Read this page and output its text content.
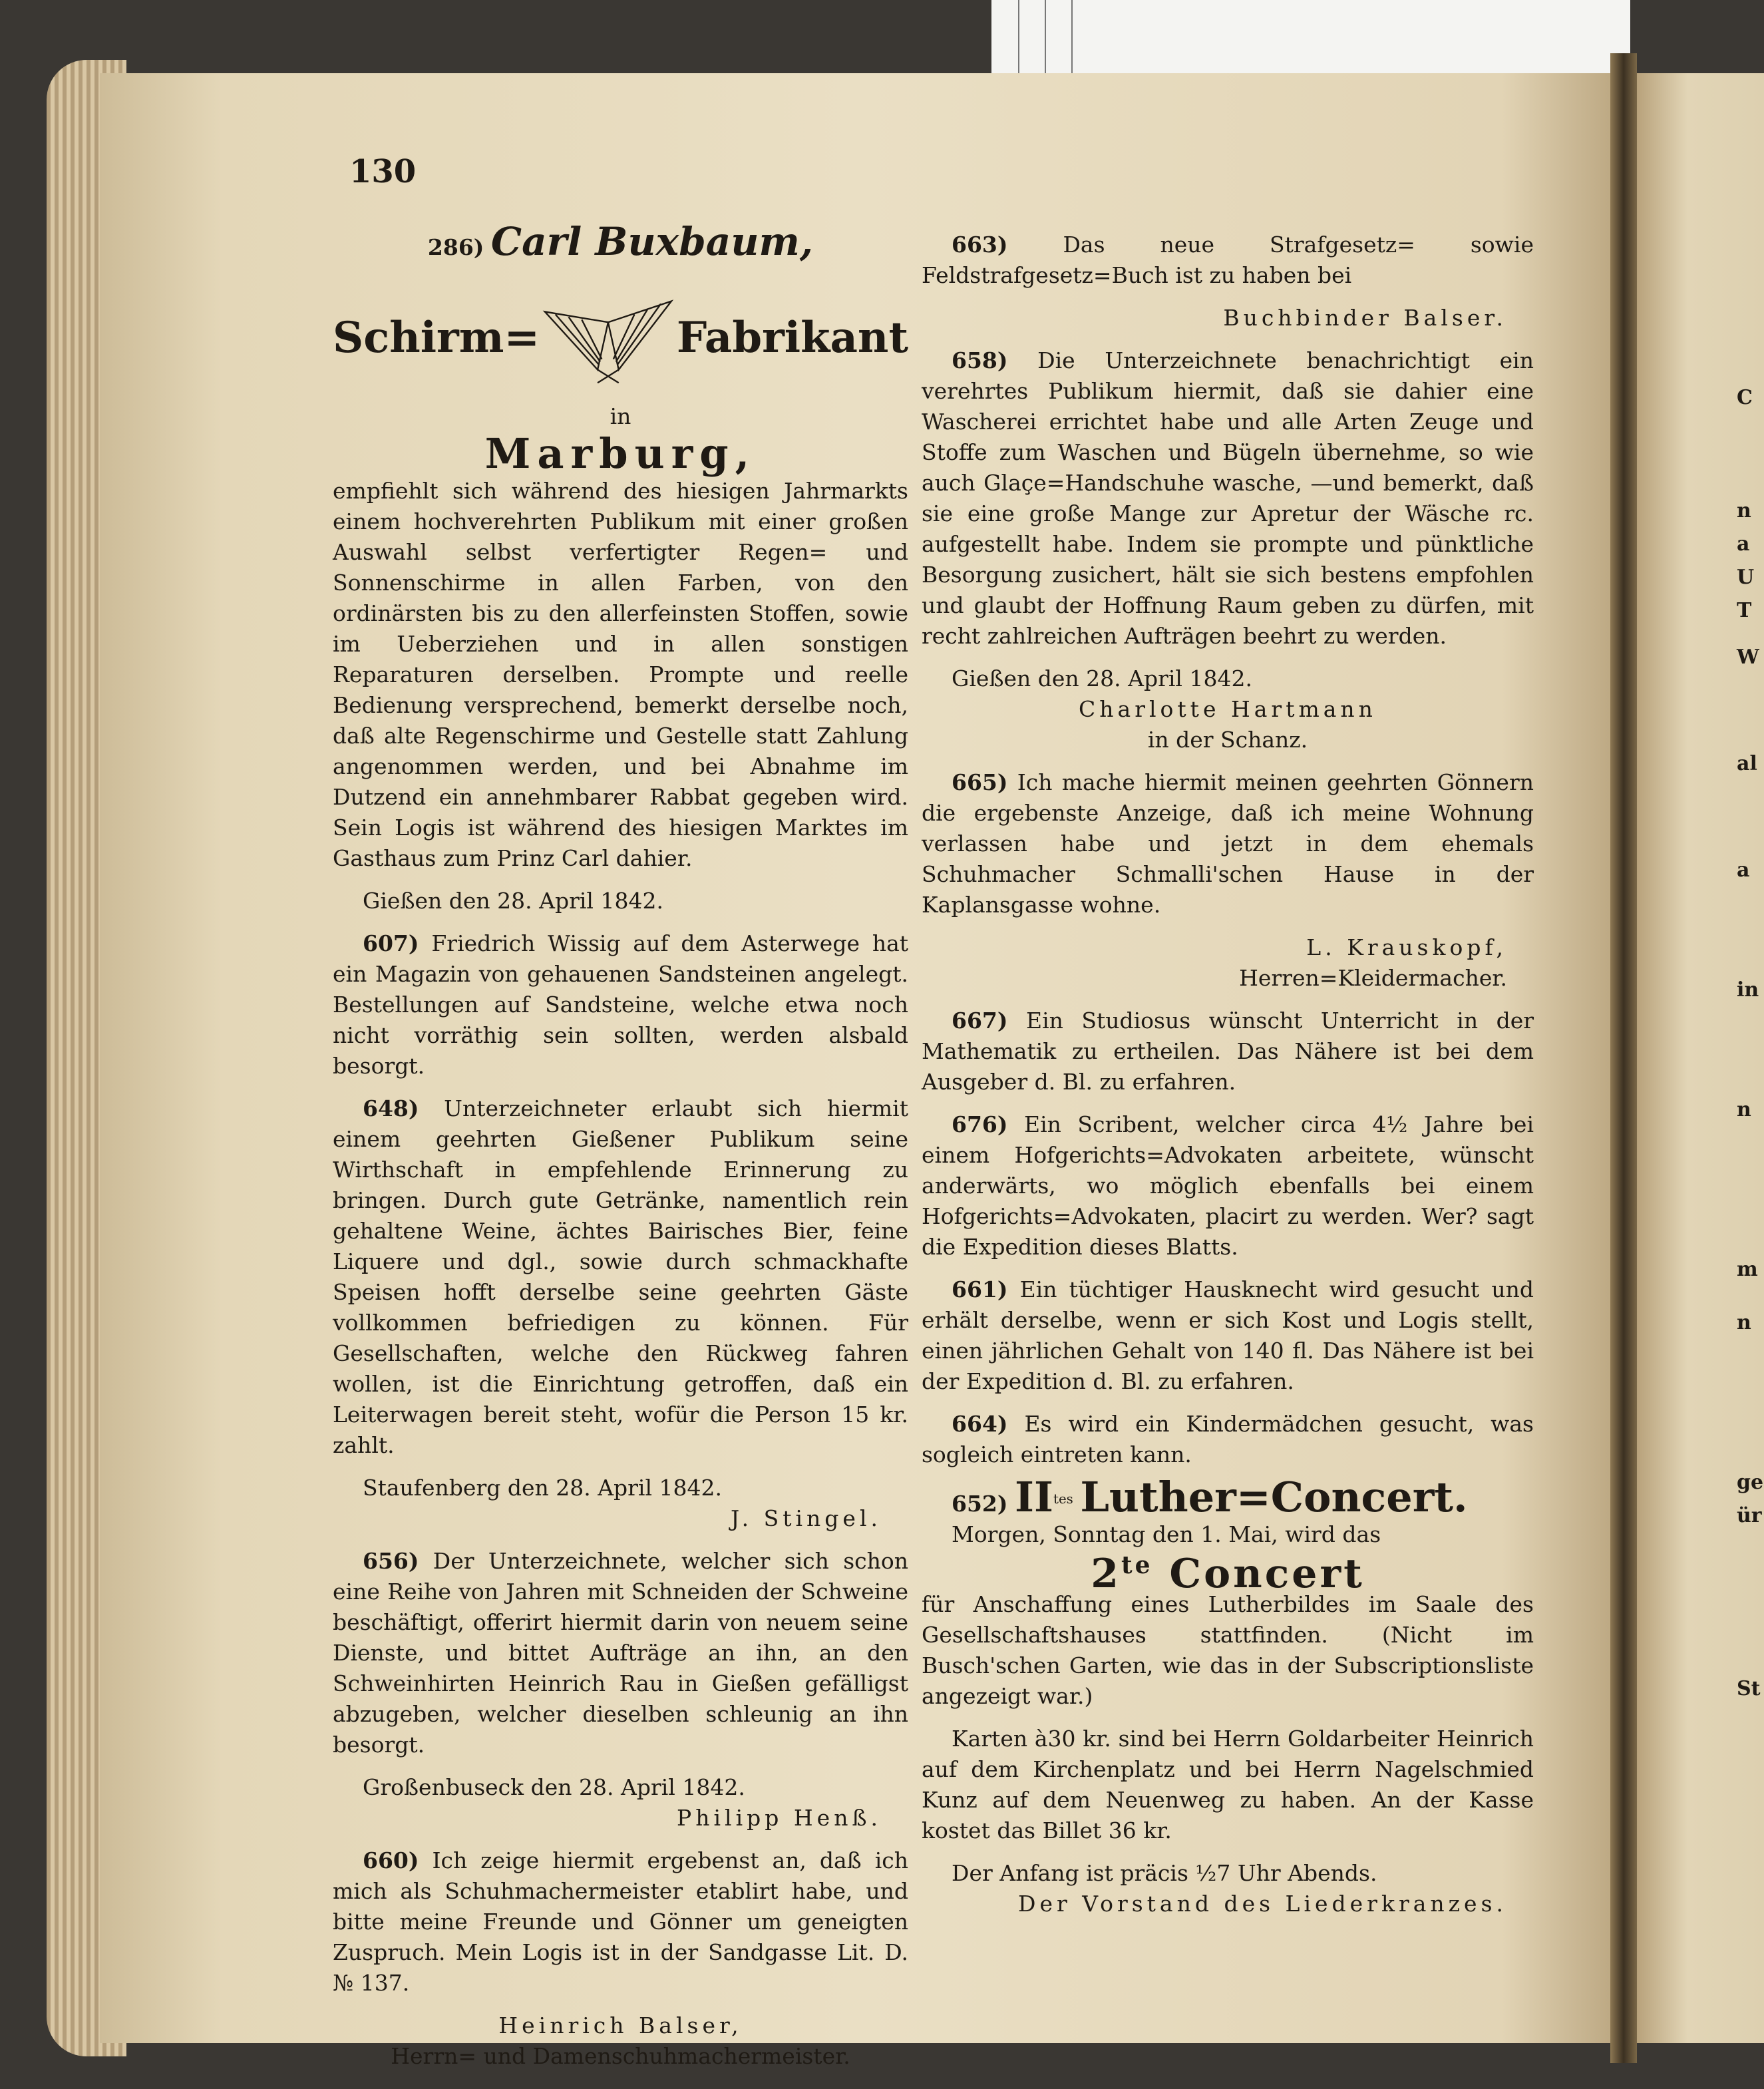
C
n
a
U
T
W
al
a
in
n
m
n
ge
ür
St
130
286) Carl Buxbaum,
Schirm=	Fabrikant
in
Marburg,
empfiehlt sich während des hiesigen Jahrmarkts einem hochverehrten Publikum mit einer großen Auswahl selbst verfertigter Regen= und Sonnenschirme in allen Farben, von den ordinärsten bis zu den allerfeinsten Stoffen, sowie im Ueberziehen und in allen sonstigen Reparaturen derselben. Prompte und reelle Bedienung versprechend, bemerkt derselbe noch, daß alte Regenschirme und Gestelle statt Zahlung angenommen werden, und bei Abnahme im Dutzend ein annehmbarer Rabbat gegeben wird. Sein Logis ist während des hiesigen Marktes im Gasthaus zum Prinz Carl dahier.
Gießen den 28. April 1842.
607) Friedrich Wissig auf dem Asterwege hat ein Magazin von gehauenen Sandsteinen angelegt. Bestellungen auf Sandsteine, welche etwa noch nicht vorräthig sein sollten, werden alsbald besorgt.
648) Unterzeichneter erlaubt sich hiermit einem geehrten Gießener Publikum seine Wirthschaft in empfehlende Erinnerung zu bringen. Durch gute Getränke, namentlich rein gehaltene Weine, ächtes Bairisches Bier, feine Liquere und dgl., sowie durch schmackhafte Speisen hofft derselbe seine geehrten Gäste vollkommen befriedigen zu können. Für Gesellschaften, welche den Rückweg fahren wollen, ist die Einrichtung getroffen, daß ein Leiterwagen bereit steht, wofür die Person 15 kr. zahlt.
Staufenberg den 28. April 1842.
J. Stingel.
656) Der Unterzeichnete, welcher sich schon eine Reihe von Jahren mit Schneiden der Schweine beschäftigt, offerirt hiermit darin von neuem seine Dienste, und bittet Aufträge an ihn, an den Schweinhirten Heinrich Rau in Gießen gefälligst abzugeben, welcher dieselben schleunig an ihn besorgt.
Großenbuseck den 28. April 1842.
Philipp Henß.
660) Ich zeige hiermit ergebenst an, daß ich mich als Schuhmachermeister etablirt habe, und bitte meine Freunde und Gönner um geneigten Zuspruch. Mein Logis ist in der Sandgasse Lit. D. № 137.
Heinrich Balser,
Herrn= und Damenschuhmachermeister.
663)	Das neue Strafgesetz= sowie Feldstrafgesetz=Buch ist zu haben bei
Buchbinder Balser.
658) Die Unterzeichnete benachrichtigt ein verehrtes Publikum hiermit, daß sie dahier eine Wascherei errichtet habe und alle Arten Zeuge und Stoffe zum Waschen und Bügeln übernehme, so wie auch Glaçe=Handschuhe wasche, —und bemerkt, daß sie eine große Mange zur Apretur der Wäsche rc. aufgestellt habe. Indem sie prompte und pünktliche Besorgung zusichert, hält sie sich bestens empfohlen und glaubt der Hoffnung Raum geben zu dürfen, mit recht zahlreichen Aufträgen beehrt zu werden.
Gießen den 28. April 1842.
Charlotte Hartmann
in der Schanz.
665) Ich mache hiermit meinen geehrten Gönnern die ergebenste Anzeige, daß ich meine Wohnung verlassen habe und jetzt in dem ehemals Schuhmacher Schmalli'schen Hause in der Kaplansgasse wohne.
L. Krauskopf,
Herren=Kleidermacher.
667) Ein Studiosus wünscht Unterricht in der Mathematik zu ertheilen. Das Nähere ist bei dem Ausgeber d. Bl. zu erfahren.
676) Ein Scribent, welcher circa 4½ Jahre bei einem Hofgerichts=Advokaten arbeitete, wünscht anderwärts, wo möglich ebenfalls bei einem Hofgerichts=Advokaten, placirt zu werden. Wer? sagt die Expedition dieses Blatts.
661) Ein tüchtiger Hausknecht wird gesucht und erhält derselbe, wenn er sich Kost und Logis stellt, einen jährlichen Gehalt von 140 fl. Das Nähere ist bei der Expedition d. Bl. zu erfahren.
664) Es wird ein Kindermädchen gesucht, was sogleich eintreten kann.
652) $II^{tes}$ Luther=Concert.
Morgen, Sonntag den 1. Mai, wird das
$2^{te}$ Concert
für Anschaffung eines Lutherbildes im Saale des Gesellschaftshauses stattfinden. (Nicht im Busch'schen Garten, wie das in der Subscriptionsliste angezeigt war.)
Karten à30 kr. sind bei Herrn Goldarbeiter Heinrich auf dem Kirchenplatz und bei Herrn Nagelschmied Kunz auf dem Neuenweg zu haben. An der Kasse kostet das Billet 36 kr.
Der Anfang ist präcis ½7 Uhr Abends.
Der Vorstand des Liederkranzes.
